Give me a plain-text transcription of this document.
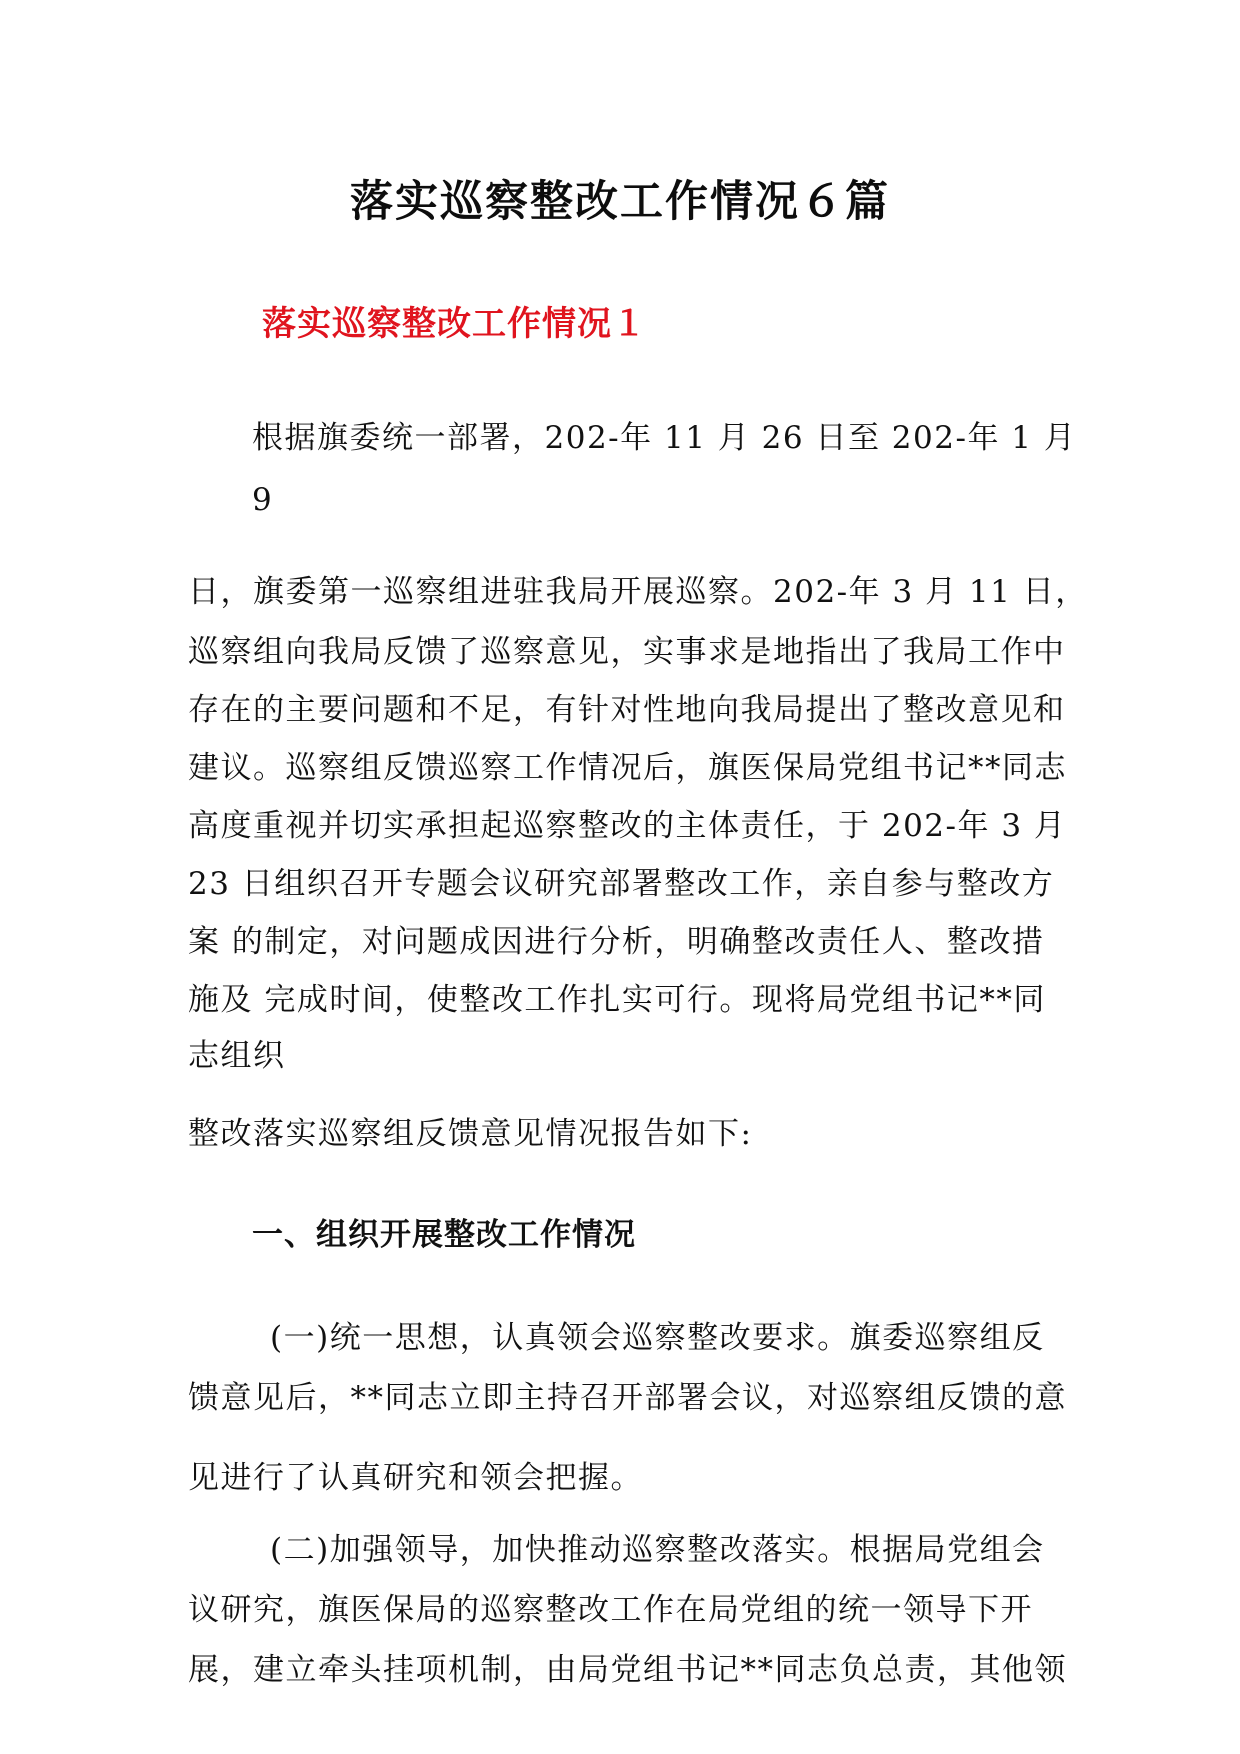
落实巡察整改工作情况６篇
落实巡察整改工作情况１
根据旗委统一部署，202-年 11 月 26 日至 202-年 1 月
9
日，旗委第一巡察组进驻我局开展巡察。202-年 3 月 11 日，
巡察组向我局反馈了巡察意见，实事求是地指出了我局工作中
存在的主要问题和不足，有针对性地向我局提出了整改意见和
建议。巡察组反馈巡察工作情况后，旗医保局党组书记**同志
高度重视并切实承担起巡察整改的主体责任，于 202-年 3 月
23 日组织召开专题会议研究部署整改工作，亲自参与整改方
案 的制定，对问题成因进行分析，明确整改责任人、整改措
施及 完成时间，使整改工作扎实可行。现将局党组书记**同
志组织
整改落实巡察组反馈意见情况报告如下:
一、组织开展整改工作情况
(一)统一思想，认真领会巡察整改要求。旗委巡察组反
馈意见后，**同志立即主持召开部署会议，对巡察组反馈的意
见进行了认真研究和领会把握。
(二)加强领导，加快推动巡察整改落实。根据局党组会
议研究，旗医保局的巡察整改工作在局党组的统一领导下开
展，建立牵头挂项机制，由局党组书记**同志负总责，其他领
